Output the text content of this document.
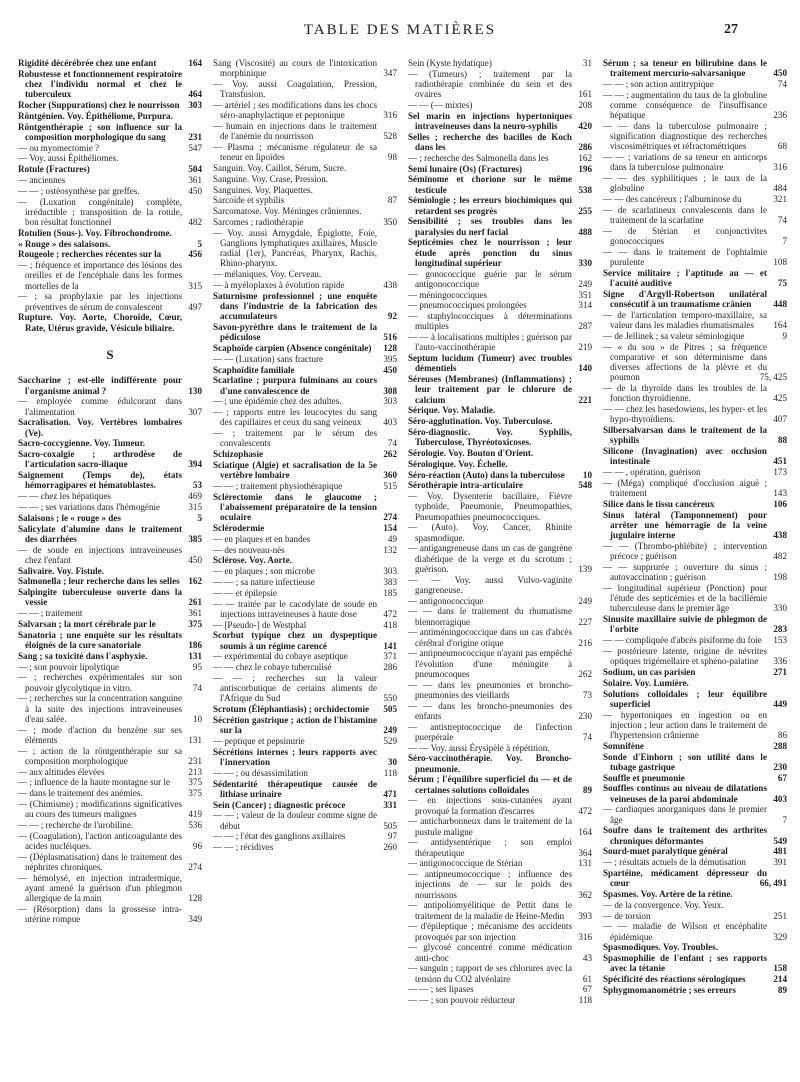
TABLE DES MATIÈRES	27
Rigidité décérébrée chez une enfant	164
Robustesse et fonctionnement respiratoire chez l'individu normal et chez le tuberculeux	464
Rocher (Suppurations) chez le nourrisson 303
Röntgénien. Voy. Épithéliome, Purpura.
Röntgenthérapie ; son influence sur la composition morphologique du sang 231
— ou myomectomie ?	547
— Voy. aussi Épithéliomes.
Rotule (Fractures)	504
— anciennes	361
— — ; ostéosynthèse par greffes.	450
— (Luxation congénitale) complète, irréductible ; transposition de la rotule, bon résultat fonctionnel	482
Rotulien (Sous-). Voy. Fibrochondrome.
« Rouge » des salaisons.	5
Rougeole ; recherches récentes sur la	456
— ; fréquence et importance des lésions des oreilles et de l'encéphale dans les formes mortelles de la	315
— ; sa prophylaxie par les injections préventives de sérum de convalescent	497
Rupture. Voy. Aorte, Choroïde, Cœur, Rate, Utérus gravide, Vésicule biliaire.
S
Saccharine ; est-elle indifférente pour l'organisme animal ?	130
— employée comme édulcorant dans l'alimentation	307
Sacralisation. Voy. Vertèbres lombaires (Ve).
Sacro-coccygienne. Voy. Tumeur.
Sacro-coxalgie ; arthrodèse de l'articulation sacro-iliaque	394
Saignement (Temps de), états hémorragipares et hématoblastes.	53
— — chez les hépatiques	469
— — ; ses variations dans l'hémogénie	315
Salaisons ; le « rouge » des	5
Salicylate d'alumine dans le traitement des diarrhées	385
— de soude en injections intraveineuses chez l'enfant	450
Salivaire. Voy. Fistule.
Salmonella ; leur recherche dans les selles 162
Salpingite tuberculeuse ouverte dans la vessie	261
— — ; traitement	361
Salvarsan ; la mort cérébrale par le	375
Sanatoria ; une enquête sur les résultats éloignés de la cure sanatoriale	186
Sang ; sa toxicité dans l'asphyxie.	131
— ; son pouvoir lipolytique	95
— ; recherches expérimentales sur son pouvoir glycolytique in vitro.	74
— ; recherches sur la concentration sanguine à la suite des injections intraveineuses d'eau salée.	10
— ; mode d'action du benzène sur ses éléments	131
— ; action de la röntgenthérapie sur sa composition morphologique	231
— aux altitudes élevées	213
— ; influence de la haute montagne sur le 375
— dans le traitement des anémies.	375
— (Chimisme) ; modifications significatives au cours des tumeurs malignes	419
— — ; recherche de l'urobiline.	536
— (Coagulation), l'action anticoagulante des acides nucléiques.	96
— (Déplasmatisation) dans le traitement des néphrites chroniques.	274
— hémolysé, en injection intradermique, ayant amené la guérison d'un phlegmon allergique de la main	128
— (Résorption) dans la grossesse intra-utérine rompue	349
Sang (Viscosité) au cours de l'intoxication morphinique	347
— Voy. aussi Coagulation, Pression, Transfusion.
— artériel ; ses modifications dans les chocs séro-anaphylactique et peptonique	316
— humain en injections dans le traitement de l'anémie du nourrisson	528
— Plasma ; mécanisme régulateur de sa teneur en lipoïdes	98
Sanguin. Voy. Caillot, Sérum, Sucre.
Sanguine. Voy. Crase, Pression.
Sanguines. Voy. Plaquettes.
Sarcoïde et syphilis	87
Sarcomatose. Voy. Méninges crâniennes.
Sarcomes ; radiothérapie	350
— Voy. aussi Amygdale, Épiglotte, Foie, Ganglions lymphatiques axillaires, Muscle radial (1er), Pancréas, Pharynx, Rachis, Rhino-pharynx.
— mélaniques. Voy. Cerveau.
— à myéloplaxes à évolution rapide	438
Saturnisme professionnel ; une enquête dans l'industrie de la fabrication des accumulateurs	92
Savon-pyrèthre dans le traitement de la pédiculose	516
Scaphoïde carpien (Absence congénitale) 128
— — (Luxation) sans fracture	395
Scaphoïdite familiale	450
Scarlatine ; purpura fulminans au cours d'une convalescence de	308
— ; une épidémie chez des adultes.	303
— ; rapports entre les leucocytes du sang des capillaires et ceux du sang veineux 403
— ; traitement par le sérum des convalescents	74
Schizophasie	262
Sciatique (Algie) et sacralisation de la 5e vertèbre lombaire	360
— — ; traitement physiothérapique	515
Sclérectomie dans le glaucome ; l'abaissement préparatoire de la tension oculaire	274
Sclérodermie	154
— en plaques et en bandes	49
— des nouveau-nés	132
Sclérose. Voy. Aorte.
— en plaques ; son microbe	303
— — ; sa nature infectieuse	383
— — et épilepsie	185
— — traitée par le cacodylate de soude en injections intraveineuses à haute dose	472
— [Pseudo-] de Westphal	418
Scorbut typique chez un dyspeptique soumis à un régime carencé	141
— expérimental du cobaye aseptique	371
— — chez le cobaye tuberculisé	286
— — ; recherches sur la valeur antiscorbutique de certains aliments de l'Afrique du Sud	550
Scrotum (Éléphantiasis) ; orchidectomie 505
Sécrétion gastrique ; action de l'histamine sur la	249
— peptique et pepsinurie	529
Sécrétions internes ; leurs rapports avec l'innervation	30
— — ; ou désassimilation	118
Sédentarité thérapeutique causée de lithiase urinaire	471
Sein (Cancer) ; diagnostic précoce	331
— — ; valeur de la douleur comme signe de début	505
— — ; l'état des ganglions axillaires	97
— — ; récidives	260
Sein (Kyste hydatique)	31
— (Tumeurs) ; traitement par la radiothérapie combinée du sein et des ovaires	161
— — (— mixtes)	208
Sel marin en injections hypertoniques intraveineuses dans la neuro-syphilis 420
Selles ; recherche des bacilles de Koch dans les	286
— ; recherche des Salmonella dans les	162
Semi lunaire (Os) (Fractures)	196
Séminome et chorione sur le même testicule	538
Sémiologie ; les erreurs biochimiques qui retardent ses progrès	255
Sensibilité ; ses troubles dans les paralysies du nerf facial	488
Septicémies chez le nourrisson ; leur étude après ponction du sinus longitudinal supérieur	330
— gonococcique guérie par le sérum antigonococcique	249
— méningococciques	351
— pneumococciques prolongées	314
— staphylococciques à déterminations multiples	287
— — à localisations multiples ; guérison par l'auto-vaccinothérapie	219
Septum lucidum (Tumeur) avec troubles démentiels	140
Séreuses (Membranes) (Inflammations) ; leur traitement par le chlorure de calcium	221
Sérique. Voy. Maladie.
Séro-agglutination. Voy. Tuberculose.
Séro-diagnostic. Voy. Syphilis, Tuberculose, Thyréotoxicoses.
Sérologie. Voy. Bouton d'Orient.
Sérologique. Voy. Échelle.
Séro-réaction (Auto) dans la tuberculose 10
Sérothérapie intra-articulaire	548
— Voy. Dysenterie bacillaire, Fièvre typhoïde, Pneumonie, Pneumopathies, Pneumopathies pneumococciques.
— (Auto). Voy. Cancer, Rhinite spasmodique.
— antigangreneuse dans un cas de gangrène diabétique de la verge et du scrotum ; guérison.	139
— — Voy. aussi Vulvo-vaginite gangreneuse.
— antigonococcique	249
— — dans le traitement du rhumatisme blennorragique	227
— antiméningococcique dans un cas d'abcès cérébral d'origine otique	216
— antipneumococcique n'ayant pas empêché l'évolution d'une méningite à pneumocoques	262
— — dans les pneumonies et broncho-pneumonies des vieillards	73
— — dans les broncho-pneumonies des enfants	230
— antistreptococcique de l'infection puerpérale	74
— — Voy. aussi Érysipèle à répétition.
Séro-vaccinothérapie. Voy. Broncho-pneumonie.
Sérum ; l'équilibre superficiel du — et de certaines solutions colloïdales	89
— en injections sous-cutanées ayant provoqué la formation d'escarres	472
— anticharbonneux dans le traitement de la pustule maligne	164
— antidysentérique ; son emploi thérapeutique	364
— antigonococcique de Stérian	131
— antipneumococcique ; influence des injections de — sur le poids des nourrissons	362
— antipoliomyélitique de Pettit dans le traitement de la maladie de Heine-Medin 393
— d'épileptique ; mécanisme des accidents provoqués par son injection	316
— glycosé concentré comme médication anti-choc	43
— sanguin ; rapport de ses chlorures avec la tension du CO2 alvéolaire	61
— — ; ses lipases	67
— — ; son pouvoir réducteur	118
Sérum ; sa teneur en bilirubine dans le traitement mercurio-salvarsanique	450
— — ; son action antitrypique	74
— — ; augmentation du taux de la globuline comme conséquence de l'insuffisance hépatique	236
— — dans la tuberculose pulmonaire ; signification diagnostique des recherches viscosimétriques et réfractométriques	68
— — ; variations de sa teneur en anticorps dans la tuberculose pulmonaire	316
— — des syphilitiques ; le taux de la globuline	484
— — des cancéreux ; l'albuminose du	321
— de scarlatineux convalescents dans le traitement de la scarlatine	74
— de Stérian et conjonctivites gonococciques	7
— — dans le traitement de l'ophtalmie purulente	108
Service militaire ; l'aptitude au — et l'acuité auditive	75
Signe d'Argyll-Robertson unilatéral consécutif à un traumatisme crânien 448
— de l'articulation temporo-maxillaire, sa valeur dans les maladies rhumatismales 164
— de Jellinek ; sa valeur sémiologique	9
— « du sou » de Pitres ; sa fréquence comparative et son déterminisme dans diverses affections de la plèvre et du poumon	75, 425
— de la thyroïde dans les troubles de la fonction thyroïdienne.	425
— — chez les basedowiens, les hyper- et les hypo-thyroïdiens.	407
Silbersalvarsan dans le traitement de la syphilis	88
Silicone (Invagination) avec occlusion intestinale	451
— — , opération, guérison	173
— (Méga) compliqué d'occlusion aiguë ; traitement	143
Silice dans le tissu cancéreux	106
Sinus latéral (Tamponnement) pour arrêter une hémorragie de la veine jugulaire interne	438
— — (Thrombo-phlébite) ; intervention précoce ; guérison	482
— — supprurée ; ouverture du sinus ; autovaccination ; guérison	198
— longitudinal supérieur (Ponction) pour l'étude des septicémies et de la bacillémie tuberculeuse dans le premier âge	330
Sinusite maxillaire suivie de phlegmon de l'orbite	283
— — compliquée d'abcès pisiforme du foie 153
— postérieure latente, origine de névrites optiques trigémellaire et sphéno-palatine 336
Sodium, un cas parisien	271
Solaire. Voy. Lumière.
Solutions colloïdales ; leur équilibre superficiel	449
— hypertoniques en ingestion ou en injection ; leur action dans le traitement de l'hypertension crânienne	86
Somnifène	288
Sonde d'Einhorn ; son utilité dans le tubage gastrique	230
Souffle et pneumonie	67
Souffles continus au niveau de dilatations veineuses de la paroi abdominale	403
— cardiaques anorganiques dans le premier âge	7
Soufre dans le traitement des arthrites chroniques déformantes	549
Sourd-muet paralytique général	481
— ; résultats actuels de la démutisation	391
Spartéine, médicament dépresseur du cœur	66, 491
Spasmes. Voy. Artère de la rétine.
— de la convergence. Voy. Yeux.
— de torsion	251
— — maladie de Wilson et encéphalite épidémique	329
Spasmodiques. Voy. Troubles.
Spasmophilie de l'enfant ; ses rapports avec la tétanie	158
Spécificité des réactions sérologiques	214
Sphygmomanométrie ; ses erreurs	89
